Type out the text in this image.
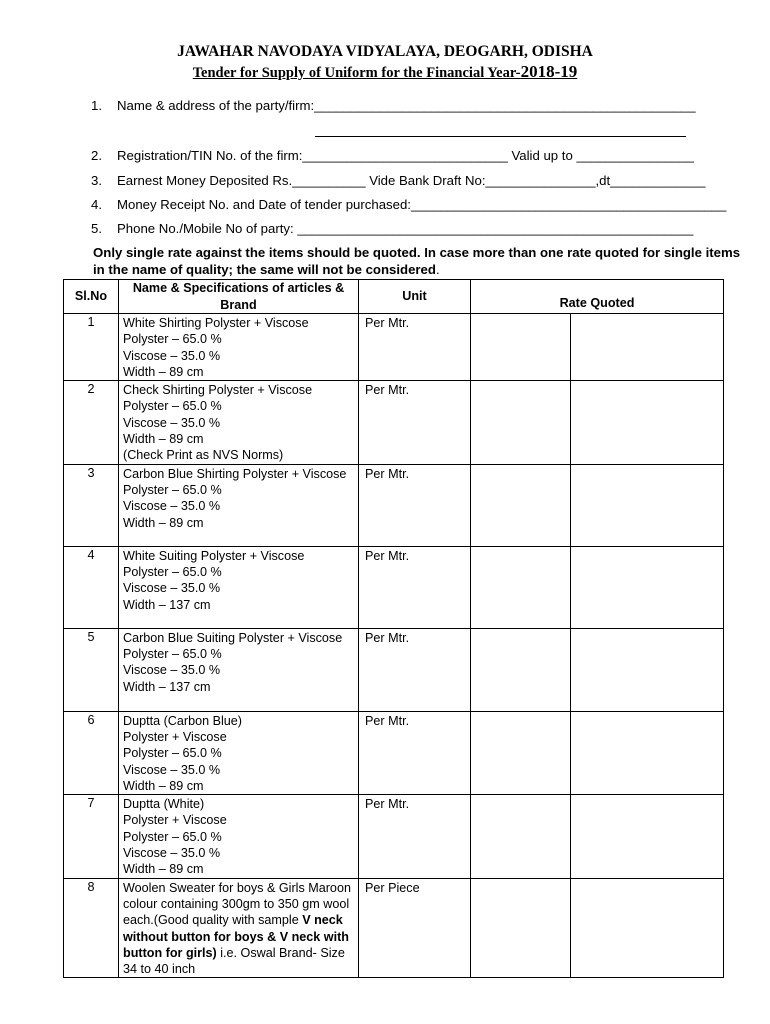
JAWAHAR NAVODAYA VIDYALAYA, DEOGARH, ODISHA
Tender for Supply of Uniform for the Financial Year-2018-19
1. Name & address of the party/firm:____________________________________________________
2. Registration/TIN No. of the firm:____________________________ Valid up to ________________
3. Earnest Money Deposited Rs.__________ Vide Bank Draft No:_______________,dt_____________
4. Money Receipt No. and Date of tender purchased:___________________________________________
5. Phone No./Mobile No of party: ______________________________________________________
Only single rate against the items should be quoted. In case more than one rate quoted for single items in the name of quality; the same will not be considered.
Sl.No	Name & Specifications of articles & Brand	Unit	Rate Quoted	
1	White Shirting Polyster + Viscose
Polyster – 65.0 %
Viscose – 35.0 %
Width – 89 cm	Per Mtr.		
2	Check Shirting Polyster + Viscose
Polyster – 65.0 %
Viscose – 35.0 %
Width – 89 cm
(Check Print as NVS Norms)	Per Mtr.		
3	Carbon Blue Shirting Polyster + Viscose
Polyster – 65.0 %
Viscose – 35.0 %
Width – 89 cm	Per Mtr.		
4	White Suiting Polyster + Viscose
Polyster – 65.0 %
Viscose – 35.0 %
Width – 137 cm	Per Mtr.		
5	Carbon Blue Suiting Polyster + Viscose
Polyster – 65.0 %
Viscose – 35.0 %
Width – 137 cm	Per Mtr.		
6	Duptta (Carbon Blue)
Polyster + Viscose
Polyster – 65.0 %
Viscose – 35.0 %
Width – 89 cm	Per Mtr.		
7	Duptta (White)
Polyster + Viscose
Polyster – 65.0 %
Viscose – 35.0 %
Width – 89 cm	Per Mtr.		
8	Woolen Sweater for boys & Girls Maroon colour containing 300gm to 350 gm wool each.(Good quality with sample V neck without button for boys & V neck with button for girls) i.e. Oswal Brand- Size 34 to 40 inch	Per Piece		
